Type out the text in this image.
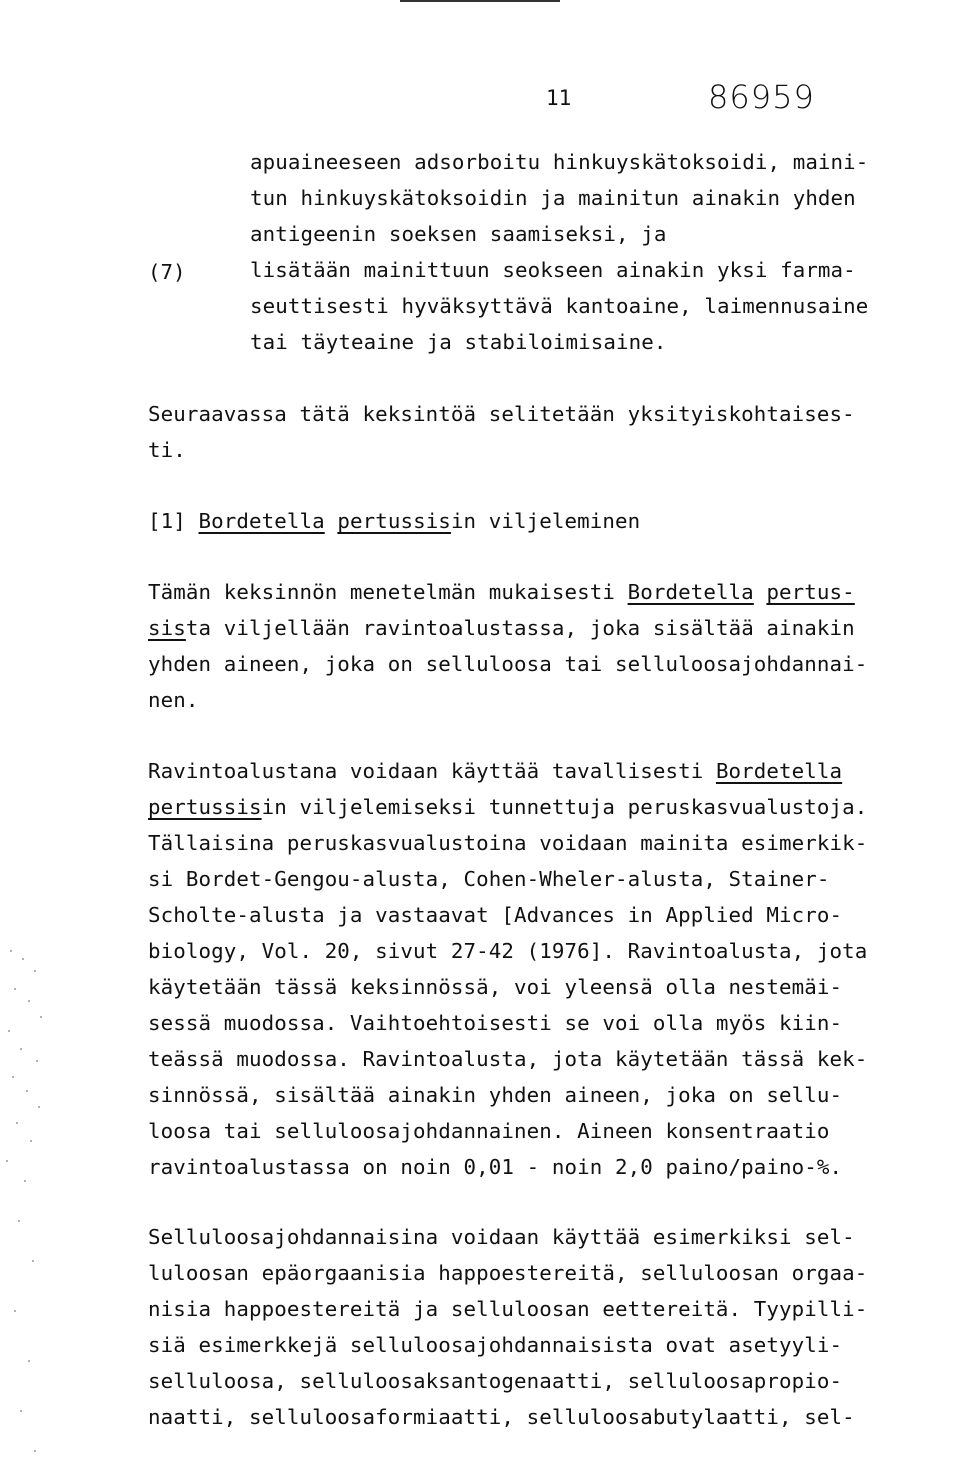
11	86959
apuaineeseen adsorboitu hinkuyskätoksoidi, maini-
tun hinkuyskätoksoidin ja mainitun ainakin yhden
antigeenin soeksen saamiseksi, ja
(7)	lisätään mainittuun seokseen ainakin yksi farma-
seuttisesti hyväksyttävä kantoaine, laimennusaine
tai täyteaine ja stabiloimisaine.
Seuraavassa tätä keksintöä selitetään yksityiskohtaises-
ti.
[1] Bordetella pertussisin viljeleminen
Tämän keksinnön menetelmän mukaisesti Bordetella pertus-
sista viljellään ravintoalustassa, joka sisältää ainakin
yhden aineen, joka on selluloosa tai selluloosajohdannai-
nen.
Ravintoalustana voidaan käyttää tavallisesti Bordetella
pertussisin viljelemiseksi tunnettuja peruskasvualustoja.
Tällaisina peruskasvualustoina voidaan mainita esimerkik-
si Bordet-Gengou-alusta, Cohen-Wheler-alusta, Stainer-
Scholte-alusta ja vastaavat [Advances in Applied Micro-
biology, Vol. 20, sivut 27-42 (1976]. Ravintoalusta, jota
käytetään tässä keksinnössä, voi yleensä olla nestemäi-
sessä muodossa. Vaihtoehtoisesti se voi olla myös kiin-
teässä muodossa. Ravintoalusta, jota käytetään tässä kek-
sinnössä, sisältää ainakin yhden aineen, joka on sellu-
loosa tai selluloosajohdannainen. Aineen konsentraatio
ravintoalustassa on noin 0,01 - noin 2,0 paino/paino-%.
Selluloosajohdannaisina voidaan käyttää esimerkiksi sel-
luloosan epäorgaanisia happoestereitä, selluloosan orgaa-
nisia happoestereitä ja selluloosan eettereitä. Tyypilli-
siä esimerkkejä selluloosajohdannaisista ovat asetyyli-
selluloosa, selluloosaksantogenaatti, selluloosapropio-
naatti, selluloosaformiaatti, selluloosabutylaatti, sel-
